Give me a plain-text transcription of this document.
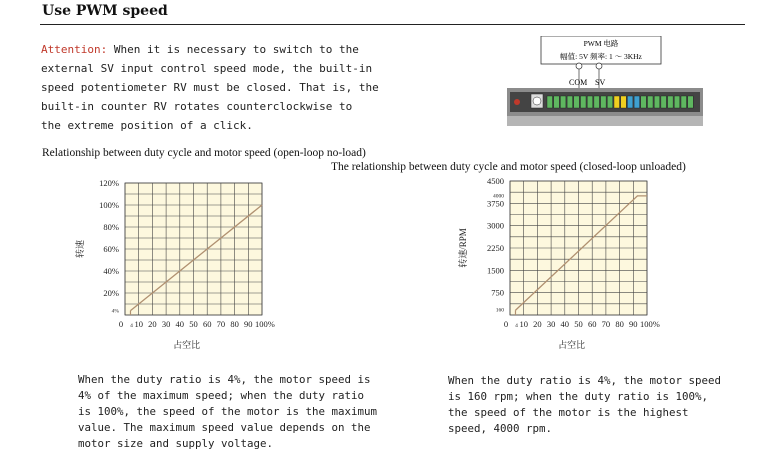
Use PWM speed
Attention: When it is necessary to switch to the
external SV input control speed mode, the built-in
speed potentiometer RV must be closed. That is, the
built-in counter RV rotates counterclockwise to
the extreme position of a click.
PWM 电路
幅值: 5V 频率: 1 ～ 3KHz
COM SV
Relationship between duty cycle and motor speed (open-loop no-load)
The relationship between duty cycle and motor speed (closed-loop unloaded)
120%
100%
80%
60%
40%
20%
4%
0 4 10 20 30 40 50 60 70 80 90 100%
占空比
转速
4500
4000
3750
3000
2250
1500
750
160
0 4 10 20 30 40 50 60 70 80 90 100%
占空比
转速/RPM
When the duty ratio is 4%, the motor speed is
4% of the maximum speed; when the duty ratio
is 100%, the speed of the motor is the maximum
value. The maximum speed value depends on the
motor size and supply voltage.
When the duty ratio is 4%, the motor speed
is 160 rpm; when the duty ratio is 100%,
the speed of the motor is the highest
speed, 4000 rpm.
